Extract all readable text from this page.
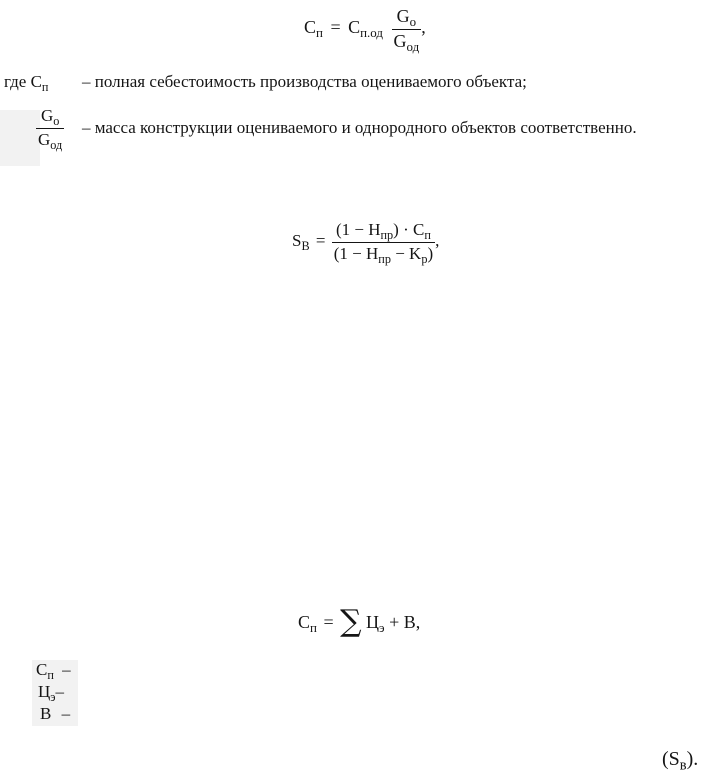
$C_п = C_{п.од} \frac{G_о}{G_{од}}$ ,
где $C_п$ – полная себестоимость производства оцениваемого объекта;
$\frac{G_о}{G_{од}}$ – масса конструкции оцениваемого и однородного объектов соответственно.
$S_B = \frac{(1 - H_{пр}) \cdot C_п}{(1 - H_{пр} - K_р)}$ ,
$C_п$ = ∑ $Ц_э + B$,
$C_п$ –
$Ц_э-$
B –
$(S_в)$.
